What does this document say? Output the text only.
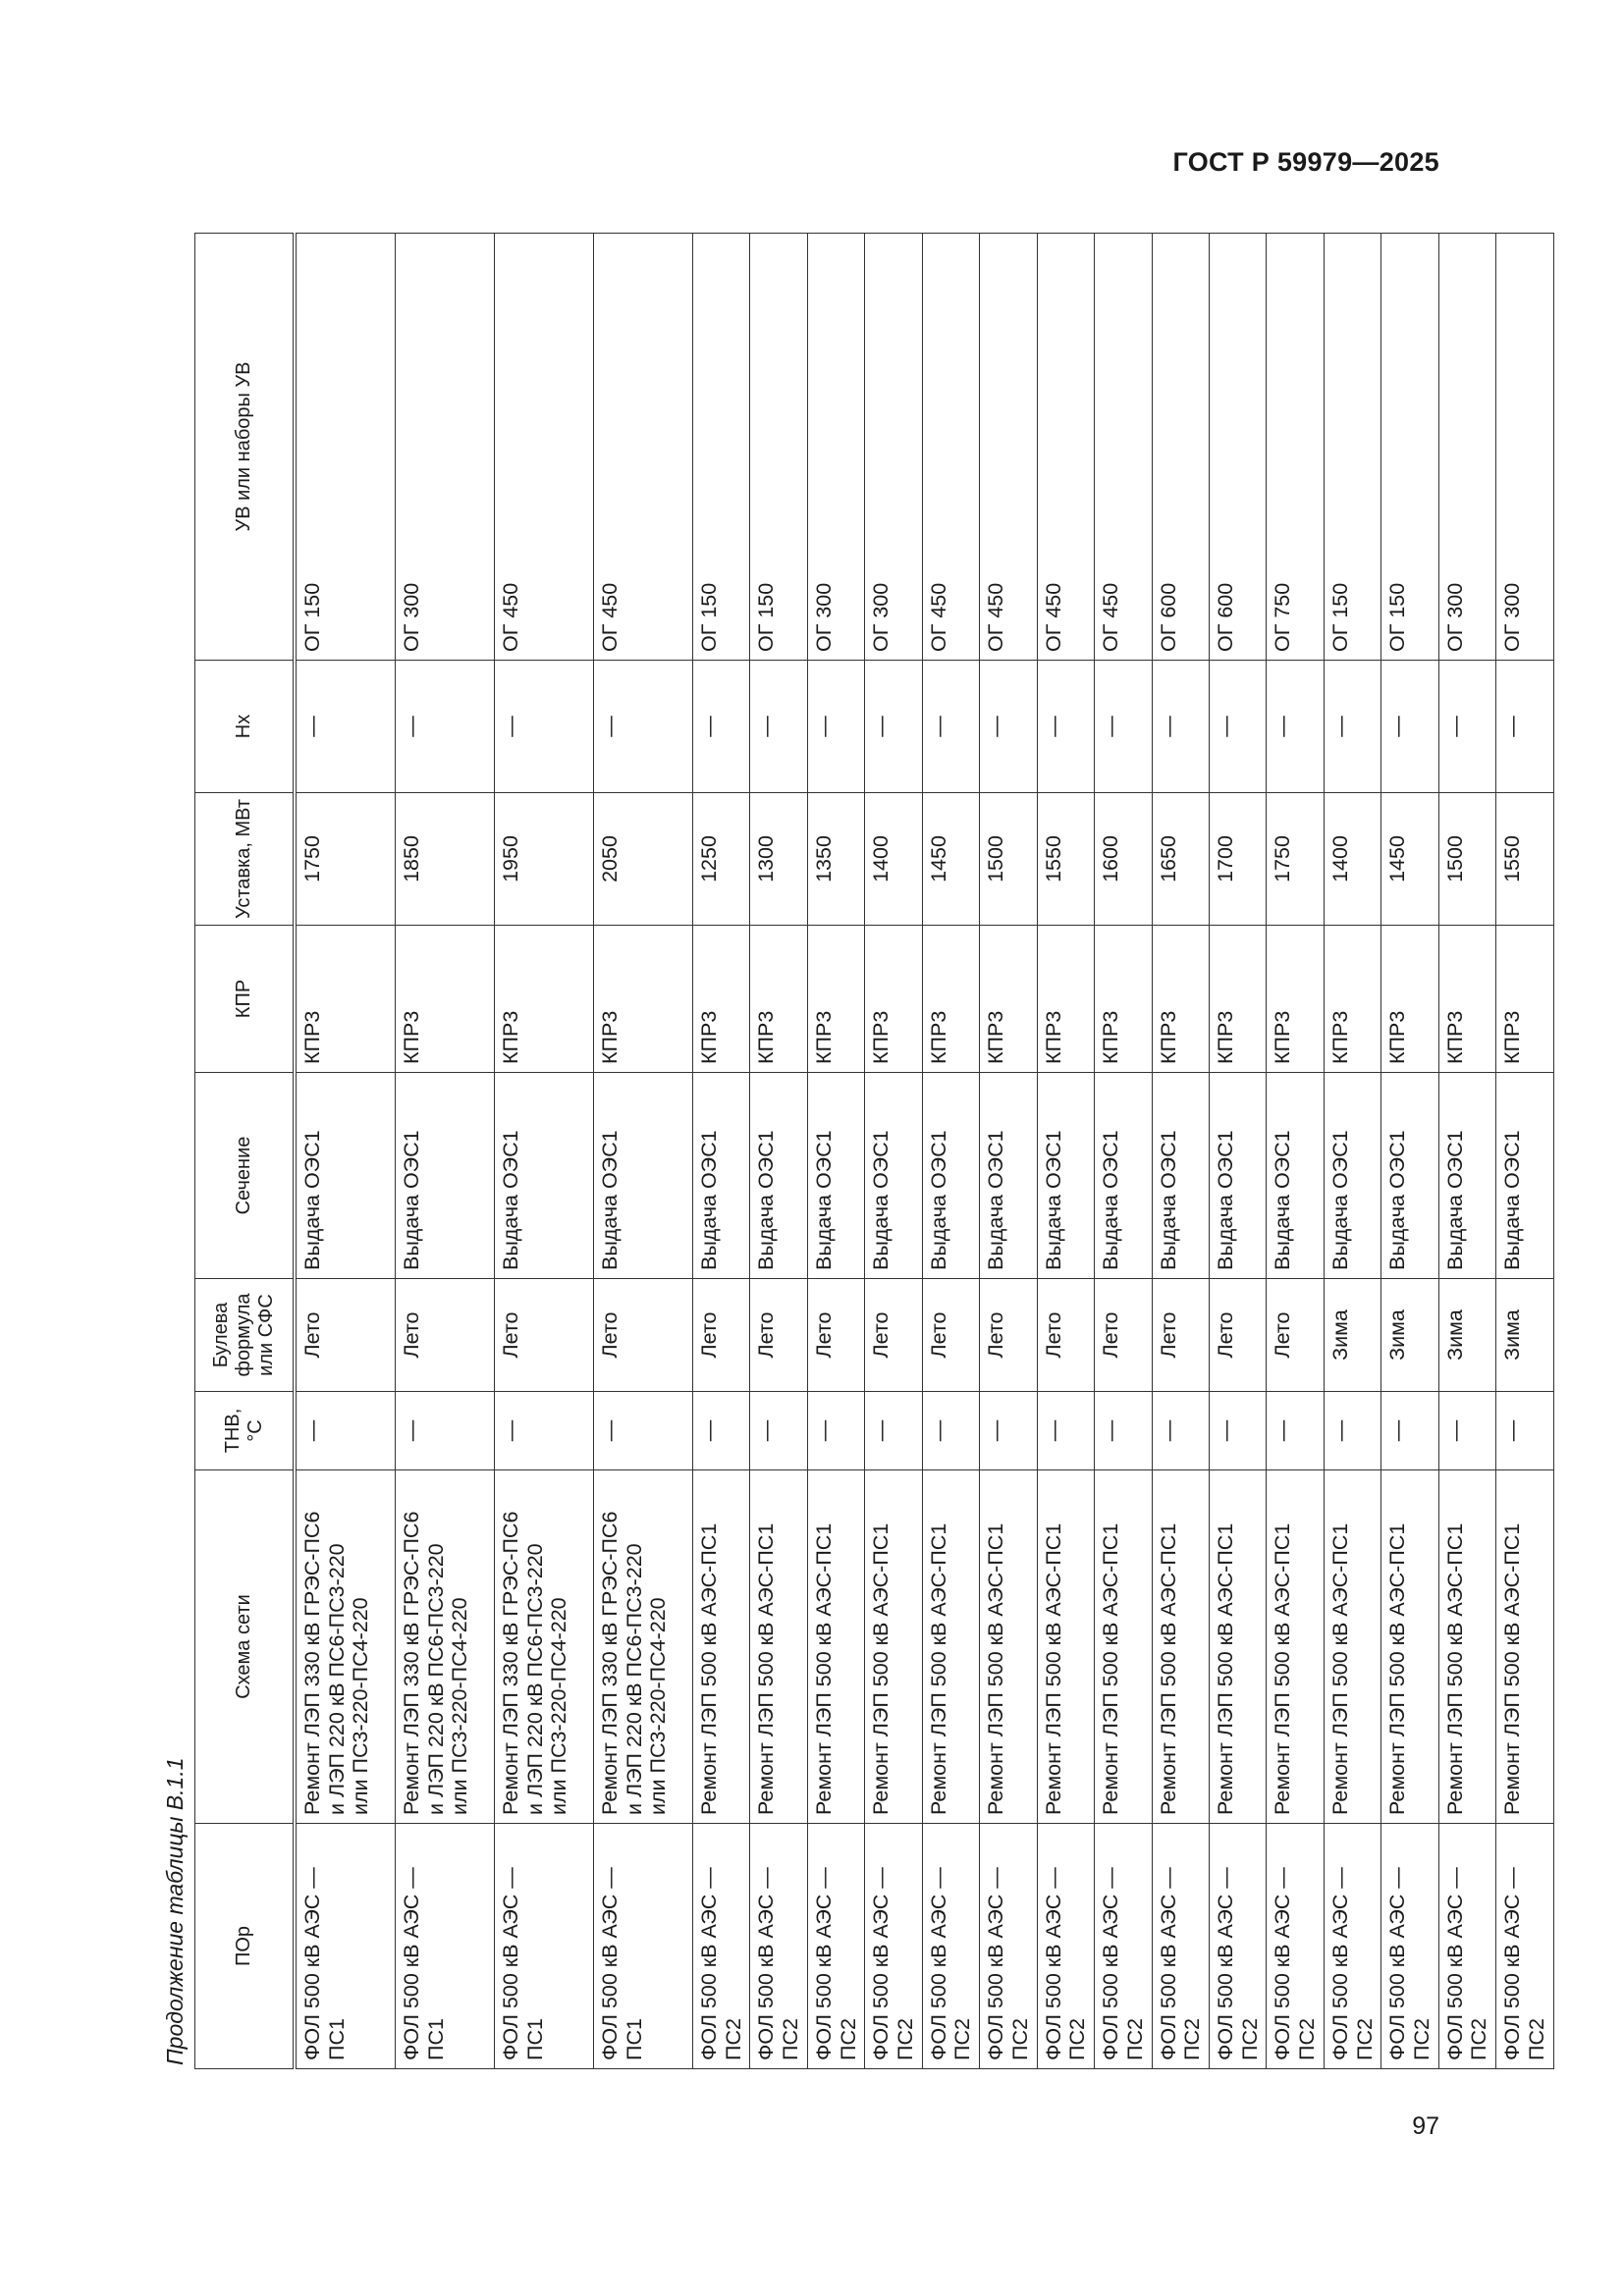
ГОСТ Р 59979—2025
Продолжение таблицы В.1.1	ПОр	Схема сети	ТНВ, °С	Булева формула или СФС	Сечение	КПР	Уставка, МВт	Нх	УВ или наборы УВ
ФОЛ 500 кВ АЭС — ПС1	Ремонт ЛЭП 330 кВ ГРЭС-ПС6
и ЛЭП 220 кВ ПС6-ПС3-220
или ПС3-220-ПС4-220	—	Лето	Выдача ОЭС1	КПР3	1750	—	ОГ 150
ФОЛ 500 кВ АЭС — ПС1	Ремонт ЛЭП 330 кВ ГРЭС-ПС6
и ЛЭП 220 кВ ПС6-ПС3-220
или ПС3-220-ПС4-220	—	Лето	Выдача ОЭС1	КПР3	1850	—	ОГ 300
ФОЛ 500 кВ АЭС — ПС1	Ремонт ЛЭП 330 кВ ГРЭС-ПС6
и ЛЭП 220 кВ ПС6-ПС3-220
или ПС3-220-ПС4-220	—	Лето	Выдача ОЭС1	КПР3	1950	—	ОГ 450
ФОЛ 500 кВ АЭС — ПС1	Ремонт ЛЭП 330 кВ ГРЭС-ПС6
и ЛЭП 220 кВ ПС6-ПС3-220
или ПС3-220-ПС4-220	—	Лето	Выдача ОЭС1	КПР3	2050	—	ОГ 450
ФОЛ 500 кВ АЭС — ПС2	Ремонт ЛЭП 500 кВ АЭС-ПС1	—	Лето	Выдача ОЭС1	КПР3	1250	—	ОГ 150
ФОЛ 500 кВ АЭС — ПС2	Ремонт ЛЭП 500 кВ АЭС-ПС1	—	Лето	Выдача ОЭС1	КПР3	1300	—	ОГ 150
ФОЛ 500 кВ АЭС — ПС2	Ремонт ЛЭП 500 кВ АЭС-ПС1	—	Лето	Выдача ОЭС1	КПР3	1350	—	ОГ 300
ФОЛ 500 кВ АЭС — ПС2	Ремонт ЛЭП 500 кВ АЭС-ПС1	—	Лето	Выдача ОЭС1	КПР3	1400	—	ОГ 300
ФОЛ 500 кВ АЭС — ПС2	Ремонт ЛЭП 500 кВ АЭС-ПС1	—	Лето	Выдача ОЭС1	КПР3	1450	—	ОГ 450
ФОЛ 500 кВ АЭС — ПС2	Ремонт ЛЭП 500 кВ АЭС-ПС1	—	Лето	Выдача ОЭС1	КПР3	1500	—	ОГ 450
ФОЛ 500 кВ АЭС — ПС2	Ремонт ЛЭП 500 кВ АЭС-ПС1	—	Лето	Выдача ОЭС1	КПР3	1550	—	ОГ 450
ФОЛ 500 кВ АЭС — ПС2	Ремонт ЛЭП 500 кВ АЭС-ПС1	—	Лето	Выдача ОЭС1	КПР3	1600	—	ОГ 450
ФОЛ 500 кВ АЭС — ПС2	Ремонт ЛЭП 500 кВ АЭС-ПС1	—	Лето	Выдача ОЭС1	КПР3	1650	—	ОГ 600
ФОЛ 500 кВ АЭС — ПС2	Ремонт ЛЭП 500 кВ АЭС-ПС1	—	Лето	Выдача ОЭС1	КПР3	1700	—	ОГ 600
ФОЛ 500 кВ АЭС — ПС2	Ремонт ЛЭП 500 кВ АЭС-ПС1	—	Лето	Выдача ОЭС1	КПР3	1750	—	ОГ 750
ФОЛ 500 кВ АЭС — ПС2	Ремонт ЛЭП 500 кВ АЭС-ПС1	—	Зима	Выдача ОЭС1	КПР3	1400	—	ОГ 150
ФОЛ 500 кВ АЭС — ПС2	Ремонт ЛЭП 500 кВ АЭС-ПС1	—	Зима	Выдача ОЭС1	КПР3	1450	—	ОГ 150
ФОЛ 500 кВ АЭС — ПС2	Ремонт ЛЭП 500 кВ АЭС-ПС1	—	Зима	Выдача ОЭС1	КПР3	1500	—	ОГ 300
ФОЛ 500 кВ АЭС — ПС2	Ремонт ЛЭП 500 кВ АЭС-ПС1	—	Зима	Выдача ОЭС1	КПР3	1550	—	ОГ 300
97
